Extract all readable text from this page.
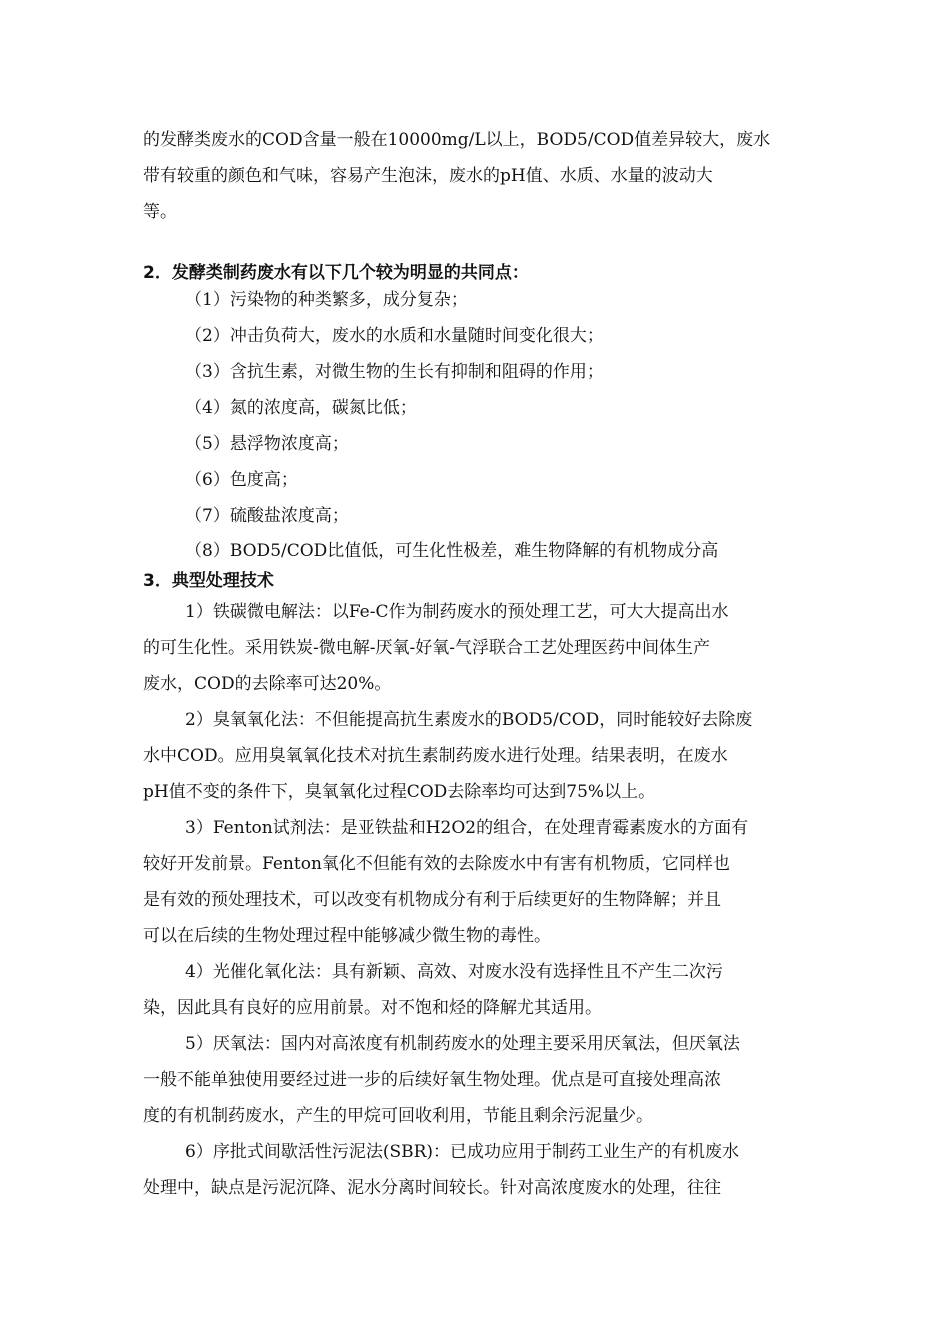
的发酵类废水的COD含量一般在10000mg/L以上，BOD5/COD值差异较大，废水
带有较重的颜色和气味，容易产生泡沫，废水的pH值、水质、水量的波动大
等。
2．发酵类制药废水有以下几个较为明显的共同点：
（1）污染物的种类繁多，成分复杂；
（2）冲击负荷大，废水的水质和水量随时间变化很大；
（3）含抗生素，对微生物的生长有抑制和阻碍的作用；
（4）氮的浓度高，碳氮比低；
（5）悬浮物浓度高；
（6）色度高；
（7）硫酸盐浓度高；
（8）BOD5/COD比值低，可生化性极差，难生物降解的有机物成分高
3．典型处理技术
1）铁碳微电解法：以Fe-C作为制药废水的预处理工艺，可大大提高出水
的可生化性。采用铁炭-微电解-厌氧-好氧-气浮联合工艺处理医药中间体生产
废水，COD的去除率可达20%。
2）臭氧氧化法：不但能提高抗生素废水的BOD5/COD，同时能较好去除废
水中COD。应用臭氧氧化技术对抗生素制药废水进行处理。结果表明，在废水
pH值不变的条件下，臭氧氧化过程COD去除率均可达到75%以上。
3）Fenton试剂法：是亚铁盐和H2O2的组合，在处理青霉素废水的方面有
较好开发前景。Fenton氧化不但能有效的去除废水中有害有机物质，它同样也
是有效的预处理技术，可以改变有机物成分有利于后续更好的生物降解；并且
可以在后续的生物处理过程中能够减少微生物的毒性。
4）光催化氧化法：具有新颖、高效、对废水没有选择性且不产生二次污
染，因此具有良好的应用前景。对不饱和烃的降解尤其适用。
5）厌氧法：国内对高浓度有机制药废水的处理主要采用厌氧法，但厌氧法
一般不能单独使用要经过进一步的后续好氧生物处理。优点是可直接处理高浓
度的有机制药废水，产生的甲烷可回收利用，节能且剩余污泥量少。
6）序批式间歇活性污泥法(SBR)：已成功应用于制药工业生产的有机废水
处理中，缺点是污泥沉降、泥水分离时间较长。针对高浓度废水的处理，往往
